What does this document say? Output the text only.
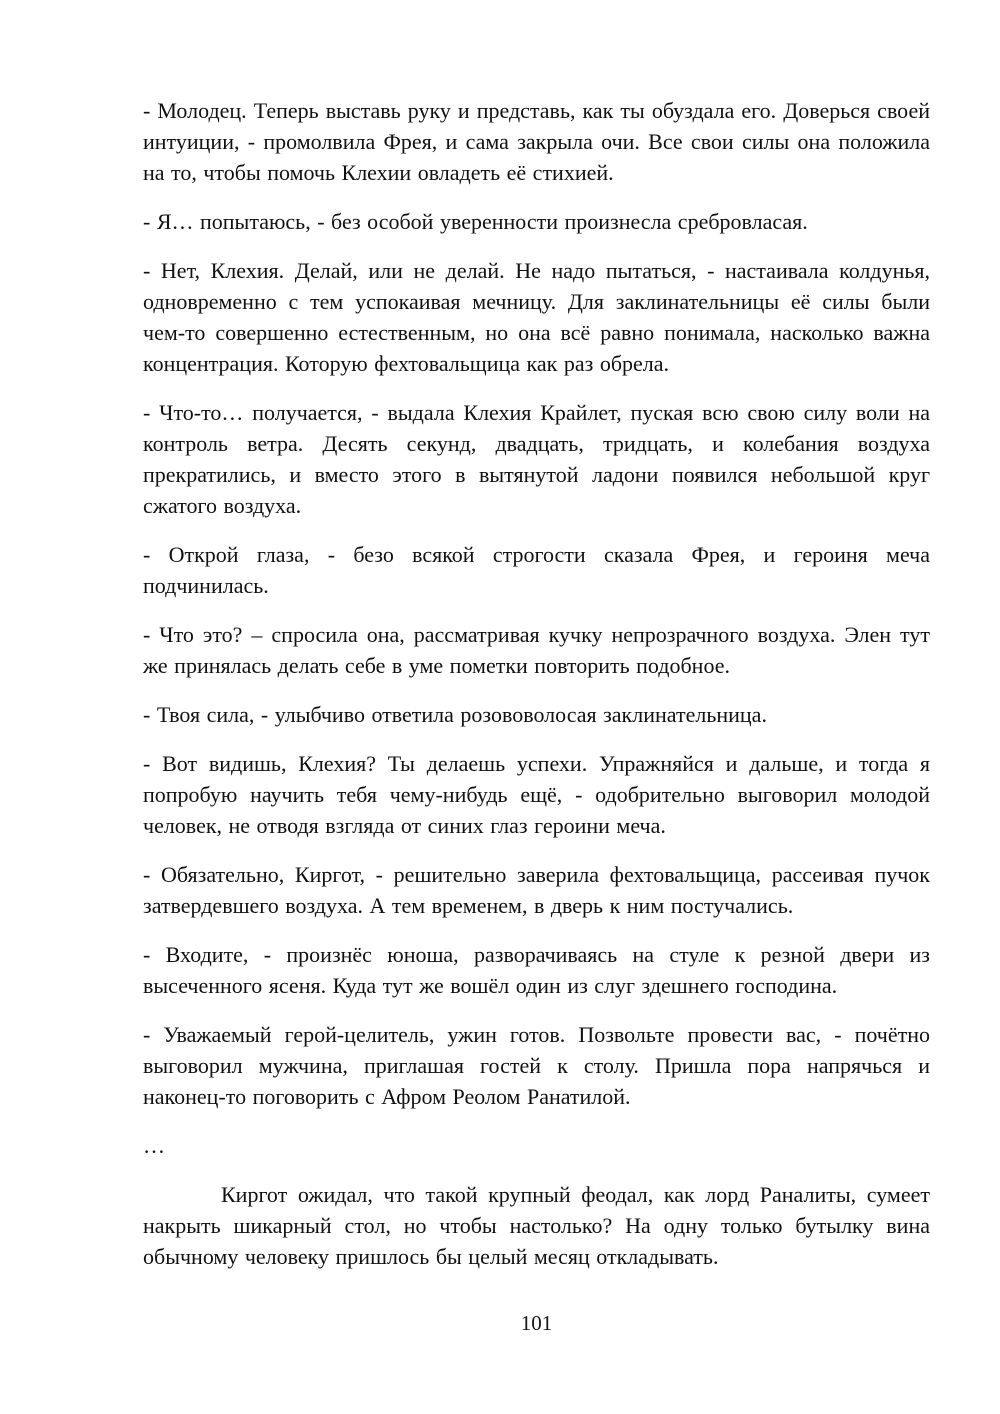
- Молодец. Теперь выставь руку и представь, как ты обуздала его. Доверься своей интуиции, - промолвила Фрея, и сама закрыла очи. Все свои силы она положила на то, чтобы помочь Клехии овладеть её стихией.

- Я… попытаюсь, - без особой уверенности произнесла сребровласая.

- Нет, Клехия. Делай, или не делай. Не надо пытаться, - настаивала колдунья, одновременно с тем успокаивая мечницу. Для заклинательницы её силы были чем-то совершенно естественным, но она всё равно понимала, насколько важна концентрация. Которую фехтовальщица как раз обрела.

- Что-то… получается, - выдала Клехия Крайлет, пуская всю свою силу воли на контроль ветра. Десять секунд, двадцать, тридцать, и колебания воздуха прекратились, и вместо этого в вытянутой ладони появился небольшой круг сжатого воздуха.

- Открой глаза, - безо всякой строгости сказала Фрея, и героиня меча подчинилась.

- Что это? – спросила она, рассматривая кучку непрозрачного воздуха. Элен тут же принялась делать себе в уме пометки повторить подобное.

- Твоя сила, - улыбчиво ответила розововолосая заклинательница.

- Вот видишь, Клехия? Ты делаешь успехи. Упражняйся и дальше, и тогда я попробую научить тебя чему-нибудь ещё, - одобрительно выговорил молодой человек, не отводя взгляда от синих глаз героини меча.

- Обязательно, Киргот, - решительно заверила фехтовальщица, рассеивая пучок затвердевшего воздуха. А тем временем, в дверь к ним постучались.

- Входите, - произнёс юноша, разворачиваясь на стуле к резной двери из высеченного ясеня. Куда тут же вошёл один из слуг здешнего господина.

- Уважаемый герой-целитель, ужин готов. Позвольте провести вас, - почётно выговорил мужчина, приглашая гостей к столу. Пришла пора напрячься и наконец-то поговорить с Афром Реолом Ранатилой.

…

Киргот ожидал, что такой крупный феодал, как лорд Раналиты, сумеет накрыть шикарный стол, но чтобы настолько? На одну только бутылку вина обычному человеку пришлось бы целый месяц откладывать.

101
